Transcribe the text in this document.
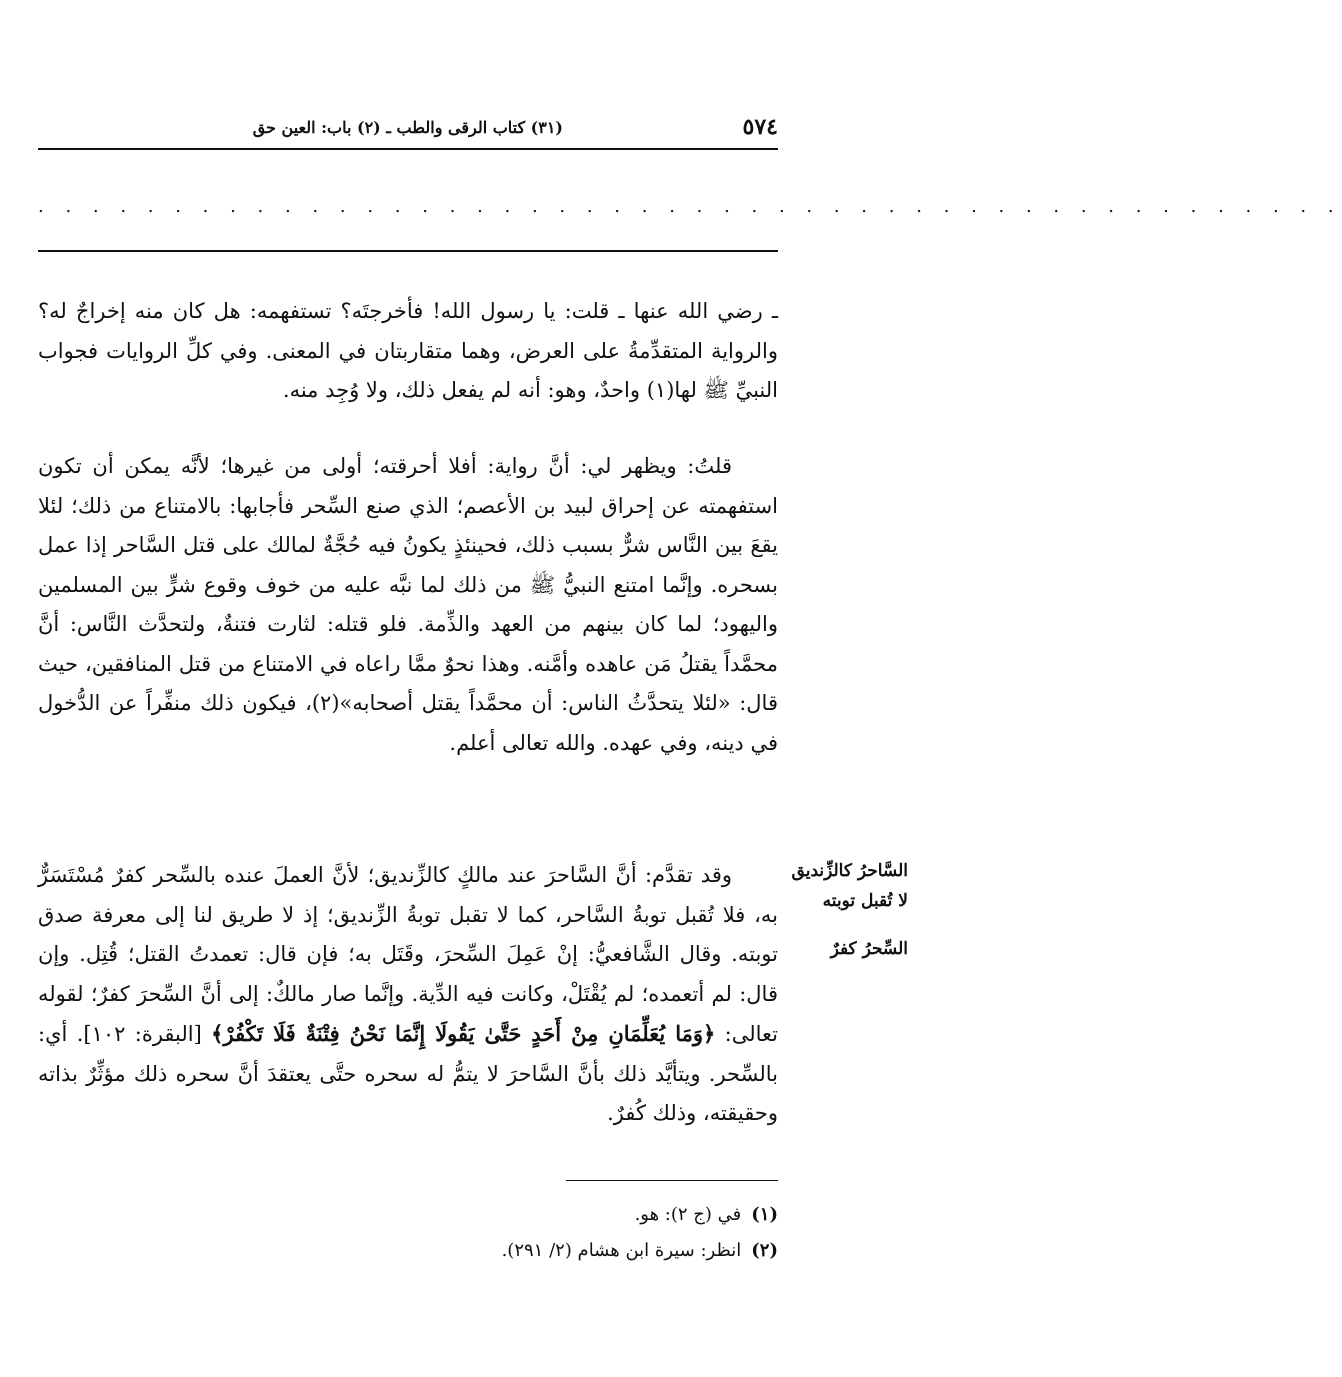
٥٧٤
(٣١) كتاب الرقى والطب ـ (٢) باب: العين حق
. . . . . . . . . . . . . . . . . . . . . . . . . . . . . . . . . . . . . . . . . . . . . . . .

ـ رضي الله عنها ـ قلت: يا رسول الله! فأخرجتَه؟ تستفهمه: هل كان منه إخراجٌ له؟ والرواية المتقدِّمةُ على العرض، وهما متقاربتان في المعنى. وفي كلِّ الروايات فجواب النبيِّ ﷺ لها(١) واحدٌ، وهو: أنه لم يفعل ذلك، ولا وُجِد منه.

قلتُ: ويظهر لي: أنَّ رواية: أفلا أحرقته؛ أولى من غيرها؛ لأنَّه يمكن أن تكون استفهمته عن إحراق لبيد بن الأعصم؛ الذي صنع السِّحر فأجابها: بالامتناع من ذلك؛ لئلا يقعَ بين النَّاس شرٌّ بسبب ذلك، فحينئذٍ يكونُ فيه حُجَّةٌ لمالك على قتل السَّاحر إذا عمل بسحره. وإنَّما امتنع النبيُّ ﷺ من ذلك لما نبَّه عليه من خوف وقوع شرٍّ بين المسلمين واليهود؛ لما كان بينهم من العهد والذِّمة. فلو قتله: لثارت فتنةٌ، ولتحدَّث النَّاس: أنَّ محمَّداً يقتلُ مَن عاهده وأمَّنه. وهذا نحوٌ ممَّا راعاه في الامتناع من قتل المنافقين، حيث قال: «لئلا يتحدَّثُ الناس: أن محمَّداً يقتل أصحابه»(٢)، فيكون ذلك منفِّراً عن الدُّخول في دينه، وفي عهده. والله تعالى أعلم.

وقد تقدَّم: أنَّ السَّاحرَ عند مالكٍ كالزِّنديق؛ لأنَّ العملَ عنده بالسِّحر كفرٌ مُسْتَسَرٌّ به، فلا تُقبل توبةُ السَّاحر، كما لا تقبل توبةُ الزِّنديق؛ إذ لا طريق لنا إلى معرفة صدق توبته. وقال الشَّافعيُّ: إنْ عَمِلَ السِّحرَ، وقَتَل به؛ فإن قال: تعمدتُ القتل؛ قُتِل. وإن قال: لم أتعمده؛ لم يُقْتَلْ، وكانت فيه الدِّية. وإنَّما صار مالكٌ: إلى أنَّ السِّحرَ كفرٌ؛ لقوله تعالى: ﴿وَمَا يُعَلِّمَانِ مِنْ أَحَدٍ حَتَّىٰ يَقُولَا إِنَّمَا نَحْنُ فِتْنَةٌ فَلَا تَكْفُرْ﴾ [البقرة: ١٠٢]. أي: بالسِّحر. ويتأيَّد ذلك بأنَّ السَّاحرَ لا يتمُّ له سحره حتَّى يعتقدَ أنَّ سحره ذلك مؤثِّرٌ بذاته وحقيقته، وذلك كُفرٌ.

السَّاحرُ كالزِّنديق لا تُقبل توبته
السِّحرُ كفرٌ
(١)في (ج ٢): هو.
(٢)انظر: سيرة ابن هشام (٢/ ٢٩١).
